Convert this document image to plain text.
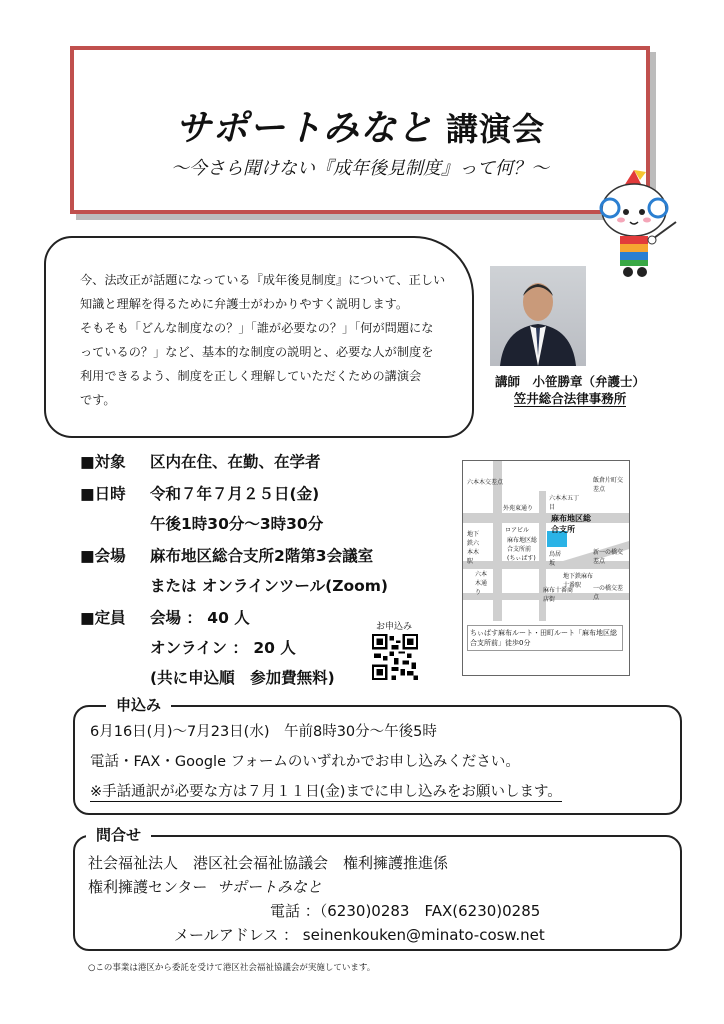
サポートみなと 講演会
～今さら聞けない『成年後見制度』って何？～
今、法改正が話題になっている『成年後見制度』について、正しい
知識と理解を得るために弁護士がわかりやすく説明します。
そもそも「どんな制度なの？」「誰が必要なの？」「何が問題にな
っているの？」など、基本的な制度の説明と、必要な人が制度を
利用できるよう、制度を正しく理解していただくための講演会
です。
講師　小笹勝章（弁護士）
笠井総合法律事務所
■対象 区内在住、在勤、在学者
■日時 令和７年７月２５日(金)
午後1時30分～3時30分
■会場 麻布地区総合支所2階第3会議室
または オンラインツール(Zoom)
■定員 会場 ： 40 人
オンライン ： 20 人
(共に申込順　参加費無料)
お申込み
六本木交差点	飯倉片町交差点
六本木五丁目
外苑東通り
ロアビル
麻布地区総合支所
麻布地区総合支所前(ちぃばす)
地下鉄六本木駅
鳥居坂
地下鉄麻布十番駅
新一の橋交差点
一の橋交差点
六本木通り	麻布十番商店街
ちぃばす麻布ルート・田町ルート「麻布地区総合支所前」徒歩0分
申込み
6月16日(月)～7月23日(水)　午前8時30分～午後5時
電話・FAX・Google フォームのいずれかでお申し込みください。
※手話通訳が必要な方は７月１１日(金)までに申し込みをお願いします。
問合せ
社会福祉法人　港区社会福祉協議会　権利擁護推進係
権利擁護センター サポートみなと
電話 ：（6230)0283　FAX(6230)0285
メールアドレス ： seinenkouken@minato-cosw.net
○この事業は港区から委託を受けて港区社会福祉協議会が実施しています。
